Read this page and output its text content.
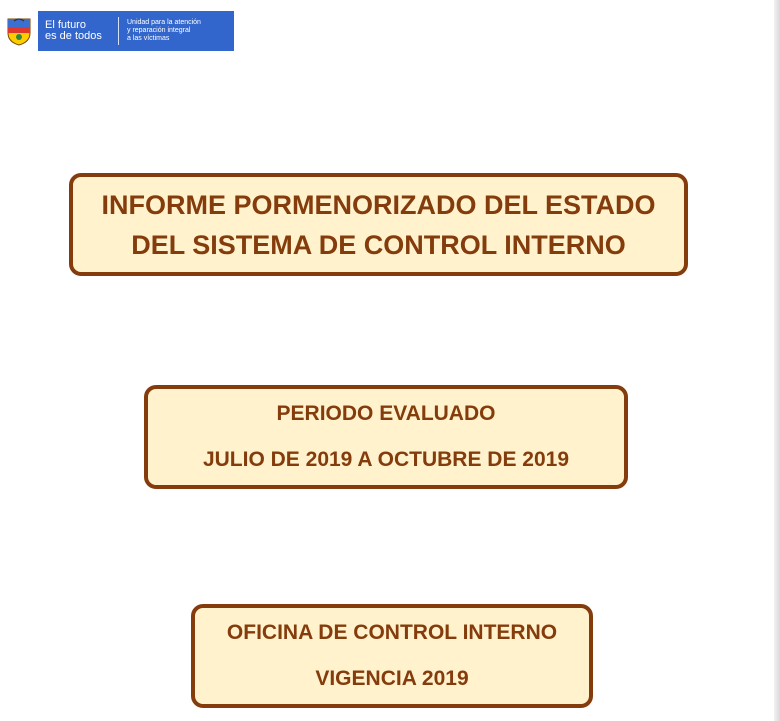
El futuro
es de todos
Unidad para la atención
y reparación integral
a las víctimas
INFORME PORMENORIZADO DEL ESTADO
DEL SISTEMA DE CONTROL INTERNO
PERIODO EVALUADO
JULIO DE 2019 A OCTUBRE DE 2019
OFICINA DE CONTROL INTERNO
VIGENCIA 2019
